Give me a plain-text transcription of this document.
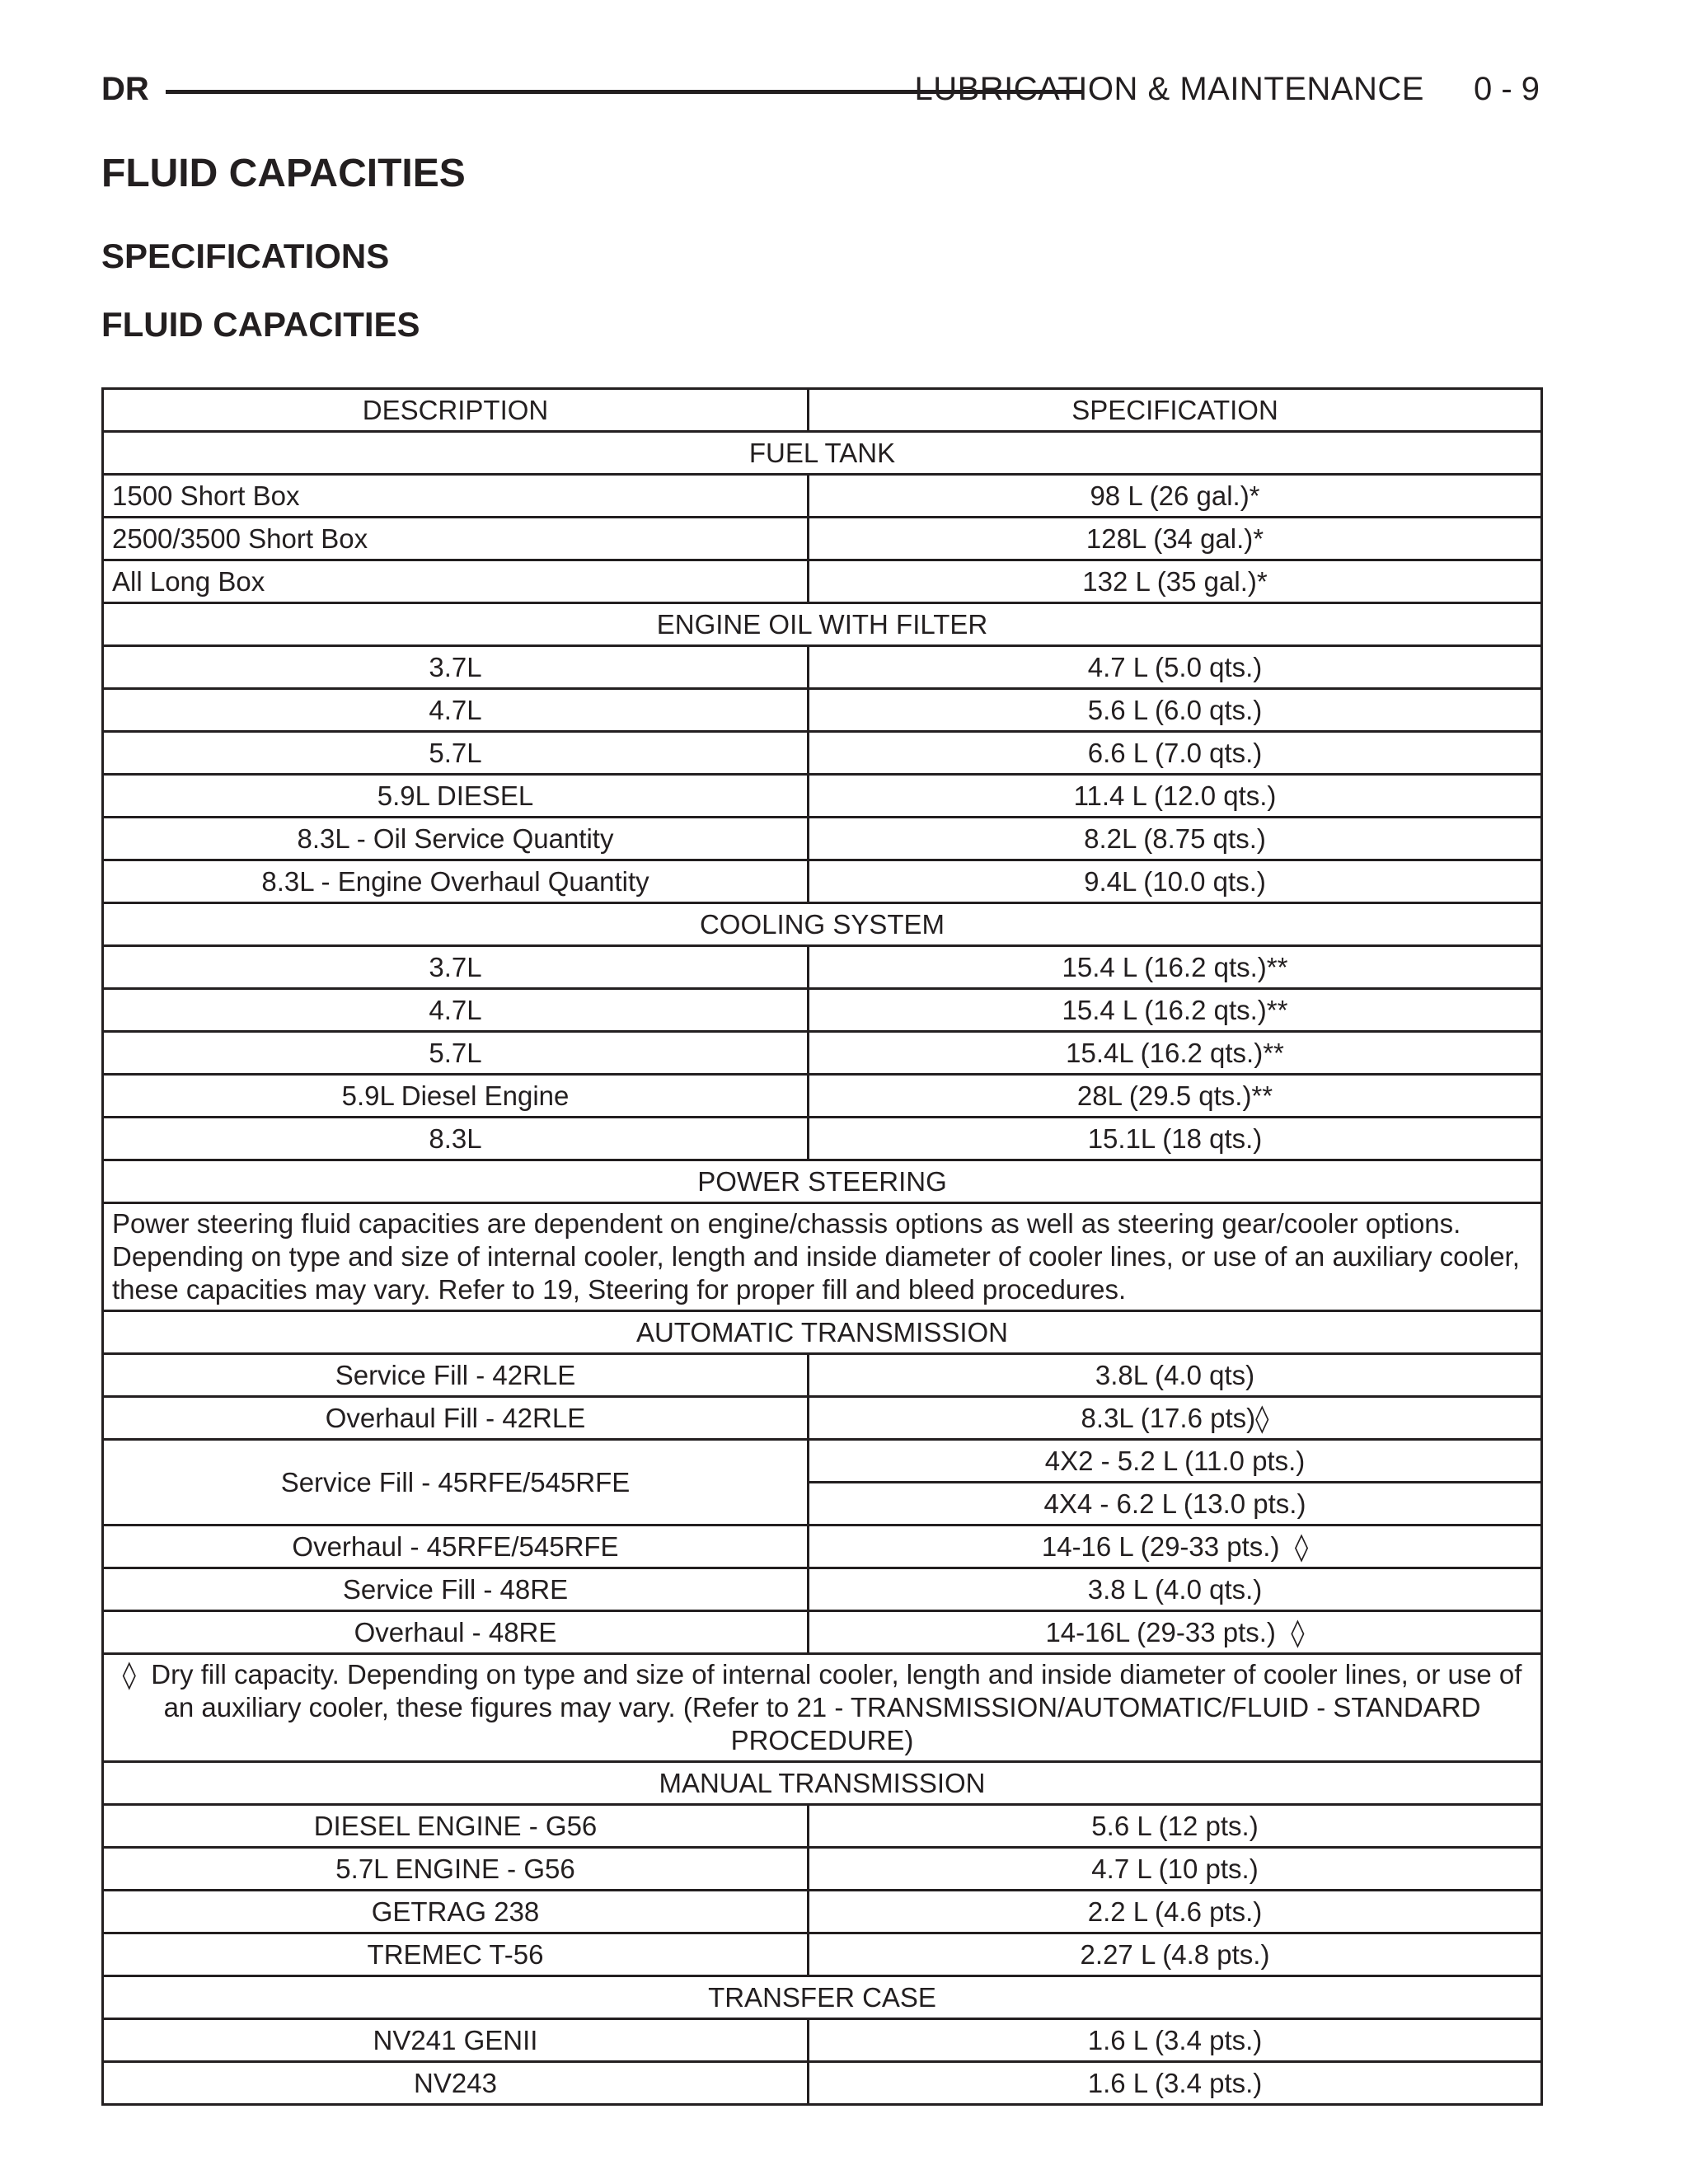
DR	LUBRICATION & MAINTENANCE 0 - 9
FLUID CAPACITIES
SPECIFICATIONS
FLUID CAPACITIES
DESCRIPTION	SPECIFICATION
FUEL TANK	
1500 Short Box	98 L (26 gal.)*
2500/3500 Short Box	128L (34 gal.)*
All Long Box	132 L (35 gal.)*
ENGINE OIL WITH FILTER	
3.7L	4.7 L (5.0 qts.)
4.7L	5.6 L (6.0 qts.)
5.7L	6.6 L (7.0 qts.)
5.9L DIESEL	11.4 L (12.0 qts.)
8.3L - Oil Service Quantity	8.2L (8.75 qts.)
8.3L - Engine Overhaul Quantity	9.4L (10.0 qts.)
COOLING SYSTEM	
3.7L	15.4 L (16.2 qts.)**
4.7L	15.4 L (16.2 qts.)**
5.7L	15.4L (16.2 qts.)**
5.9L Diesel Engine	28L (29.5 qts.)**
8.3L	15.1L (18 qts.)
POWER STEERING	
Power steering fluid capacities are dependent on engine/chassis options as well as steering gear/cooler options. Depending on type and size of internal cooler, length and inside diameter of cooler lines, or use of an auxiliary cooler, these capacities may vary. Refer to 19, Steering for proper fill and bleed procedures.	
AUTOMATIC TRANSMISSION	
Service Fill - 42RLE	3.8L (4.0 qts)
Overhaul Fill - 42RLE	8.3L (17.6 pts)◊
Service Fill - 45RFE/545RFE	4X2 - 5.2 L (11.0 pts.)
	4X4 - 6.2 L (13.0 pts.)
Overhaul - 45RFE/545RFE	14-16 L (29-33 pts.) ◊
Service Fill - 48RE	3.8 L (4.0 qts.)
Overhaul - 48RE	14-16L (29-33 pts.) ◊
◊ Dry fill capacity. Depending on type and size of internal cooler, length and inside diameter of cooler lines, or use of an auxiliary cooler, these figures may vary. (Refer to 21 - TRANSMISSION/AUTOMATIC/FLUID - STANDARD PROCEDURE)	
MANUAL TRANSMISSION	
DIESEL ENGINE - G56	5.6 L (12 pts.)
5.7L ENGINE - G56	4.7 L (10 pts.)
GETRAG 238	2.2 L (4.6 pts.)
TREMEC T-56	2.27 L (4.8 pts.)
TRANSFER CASE	
NV241 GENII	1.6 L (3.4 pts.)
NV243	1.6 L (3.4 pts.)
